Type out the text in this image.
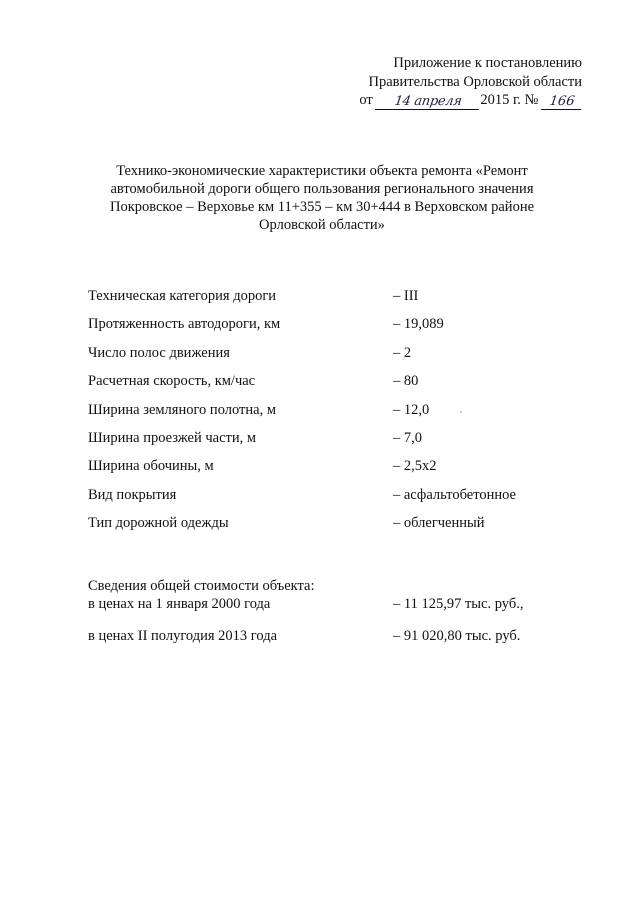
Приложение к постановлению
Правительства Орловской области
от
	14 апреля	2015 г. №
166
Технико-экономические характеристики объекта ремонта «Ремонт автомобильной дороги общего пользования регионального значения Покровское – Верховье км 11+355 – км 30+444 в Верховском районе Орловской области»
Техническая категория дороги	– III
Протяженность автодороги, км	– 19,089
Число полос движения	– 2
Расчетная скорость, км/час	– 80
Ширина земляного полотна, м	– 12,0
Ширина проезжей части, м	– 7,0
Ширина обочины, м	– 2,5х2
Вид покрытия	– асфальтобетонное
Тип дорожной одежды	– облегченный
Сведения общей стоимости объекта:
в ценах на 1 января 2000 года	– 11 125,97 тыс. руб.,
в ценах II полугодия 2013 года	– 91 020,80 тыс. руб.
